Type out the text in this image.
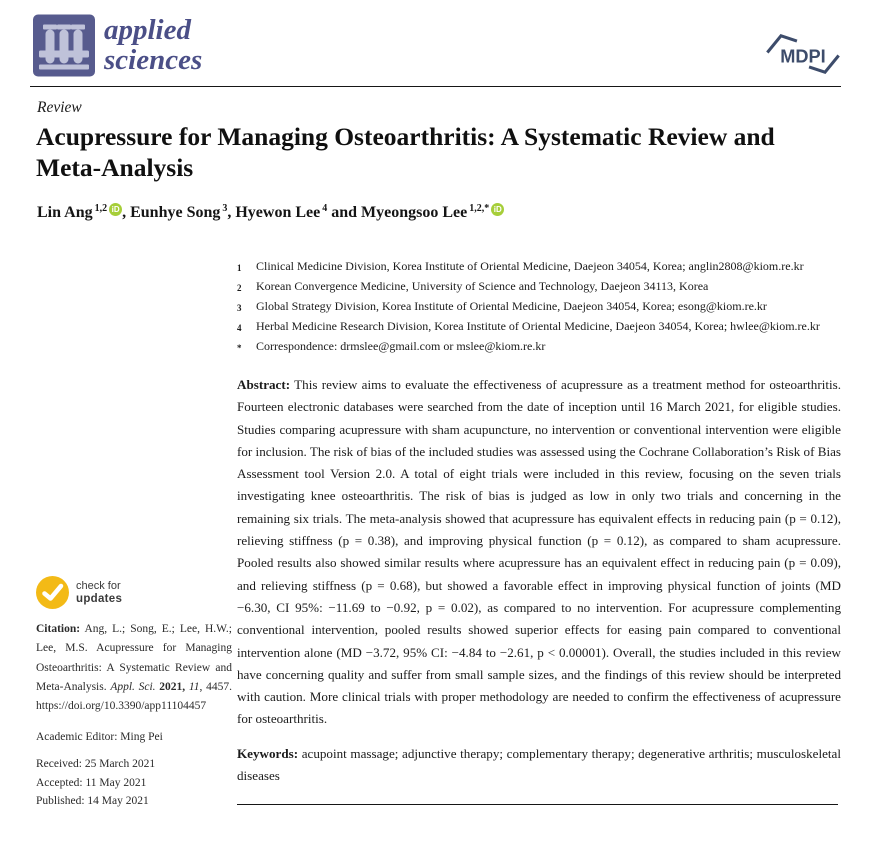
applied
sciences	MDPI
Review
Acupressure for Managing Osteoarthritis: A Systematic Review and Meta-Analysis
Lin Ang $^{1,2}$ iD , Eunhye Song $^3$, Hyewon Lee $^4$ and Myeongsoo Lee $^{1,2,*}$ iD
1	Clinical Medicine Division, Korea Institute of Oriental Medicine, Daejeon 34054, Korea; anglin2808@kiom.re.kr
2	Korean Convergence Medicine, University of Science and Technology, Daejeon 34113, Korea
3	Global Strategy Division, Korea Institute of Oriental Medicine, Daejeon 34054, Korea; esong@kiom.re.kr
4	Herbal Medicine Research Division, Korea Institute of Oriental Medicine, Daejeon 34054, Korea; hwlee@kiom.re.kr
*	Correspondence: drmslee@gmail.com or mslee@kiom.re.kr

Abstract: This review aims to evaluate the effectiveness of acupressure as a treatment method for osteoarthritis. Fourteen electronic databases were searched from the date of inception until 16 March 2021, for eligible studies. Studies comparing acupressure with sham acupuncture, no intervention or conventional intervention were eligible for inclusion. The risk of bias of the included studies was assessed using the Cochrane Collaboration’s Risk of Bias Assessment tool Version 2.0. A total of eight trials were included in this review, focusing on the seven trials investigating knee osteoarthritis. The risk of bias is judged as low in only two trials and concerning in the remaining six trials. The meta-analysis showed that acupressure has equivalent effects in reducing pain (p = 0.12), relieving stiffness (p = 0.38), and improving physical function (p = 0.12), as compared to sham acupressure. Pooled results also showed similar results where acupressure has an equivalent effect in reducing pain (p = 0.09), and relieving stiffness (p = 0.68), but showed a favorable effect in improving physical function of joints (MD −6.30, CI 95%: −11.69 to −0.92, p = 0.02), as compared to no intervention. For acupressure complementing conventional intervention, pooled results showed superior effects for easing pain compared to conventional intervention alone (MD −3.72, 95% CI: −4.84 to −2.61, p < 0.00001). Overall, the studies included in this review have concerning quality and suffer from small sample sizes, and the findings of this review should be interpreted with caution. More clinical trials with proper methodology are needed to confirm the effectiveness of acupressure for osteoarthritis.

Keywords: acupoint massage; adjunctive therapy; complementary therapy; degenerative arthritis; musculoskeletal diseases

check for
updates

Citation: Ang, L.; Song, E.; Lee, H.W.; Lee, M.S. Acupressure for Managing Osteoarthritis: A Systematic Review and Meta-Analysis. Appl. Sci. 2021, 11, 4457. https://doi.org/10.3390/app11104457

Academic Editor: Ming Pei

Received: 25 March 2021

Accepted: 11 May 2021

Published: 14 May 2021
